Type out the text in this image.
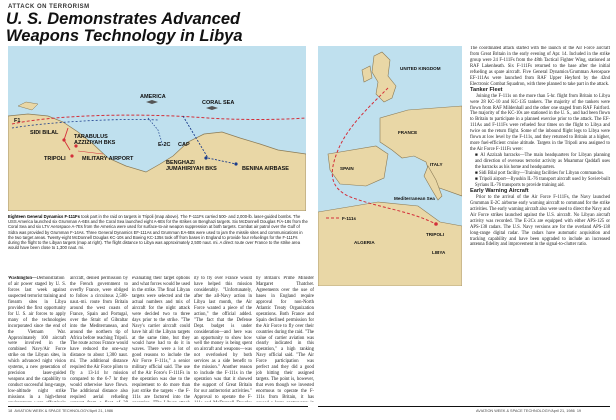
ATTACK ON TERRORISM
U. S. Demonstrates Advanced Weapons Technology in Libya
F1
AMERICA
CORAL SEA
SIDI BILAL
TARABULUS
AZZIZIYAH BKS	E-2C CAP
TRIPOLI	MILITARY AIRPORT
BENGHAZI
JUMAHIRIYAH BKS	BENINA AIRBASE
Eighteen General Dynamics F-111Fs took part in the raid on targets in Tripoli (map above). The F-111Fs carried 500- and 2,000-lb. laser-guided bombs. The USS America launched six Grumman A-6Es and the Coral Sea launched eight A-6Es for the strikes on Benghazi targets. Six McDonnell Douglas F/A-18s from the Coral Sea and six LTV Aerospace A-7Es from the America were used for surface-to-air weapon suppression at both targets. Combat air patrol over the Gulf of Sidra was provided by Grumman F-14As. Three General Dynamics EF-111As and Grumman EA-6Bs were used to jam the missile sites and communications in the two target areas. Twenty-eight McDonnell Douglas KC-10s and Boeing KC-135s took off from bases in England to provide four refuelings for the F-111Fs during the flight to the Libyan targets (map at right). The flight distance to Libya was approximately 2,500 naut. mi. A direct route over France to the strike area would have been close to 1,300 naut. mi.
UNITED KINGDOM
FRANCE
SPAIN
ITALY
Mediterranean Sea
ALGERIA
TRIPOLI
LIBYA
F-111s

Washington—Demonstration of air power staged by U. S. forces last week against suspected terrorist training and firearm sites in Libya provided the first opportunity for U. S. air forces to apply many of the technologies incorporated since the end of the Vietnam War. Approximately 100 aircraft were involved in the combined Navy/Air Force strike on the Libyan sites, in which advanced night vision systems, a new generation of precision laser-guided weapons and the capability to conduct successful long-range, low-altitude night strike missions in a high-threat

aircraft, denied permission by the French government to overfly France, were obliged to follow a circuitous 2,500-naut.-mi. route from Britain around the west coasts of France, Spain and Portugal, over the Strait of Gibraltar into the Mediterranean, and around the northern tip of Africa before reaching Tripoli. The route across France would have reduced the one-way distance to about 1,300 naut. mi. The additional distance required the Air Force pilots to fly a 13-14 hr mission compared to the 6-7 hr they would otherwise have flown. The additional distance also required aerial refueling

evaluating their target options and what forces would be used in the strike. The final Libyan targets were selected and the actual numbers and mix of aircraft for the night attack were decided two to three days prior to the strike. "The Navy's carrier aircraft could have hit all the Libyan targets at the same time, but they would have had to do it in waves. There were a lot of good reasons to include the Air Force F-111s," a senior military official said. The use of the Air Force's F-111Fs in the operation was due to the requirement to do more than just strike the targets - the F-111s are factored into the

ity to fly over France would have helped this mission considerably. "Unfortunately, after the all-Navy action in Libya last month, the Air Force wanted a piece of the action," the official added. "The fact that the Defense Dept. budget is under consideration—and here was an opportunity to show how well the money is being spent on aircraft and weapons—was not overlooked by both services as a side benefit to the mission." Another reason to include the F-111s in the operation was that it showed the support of Great Britain for our antiterrorist activities." Approval to operate the F-

by Britain's Prime Minister Margaret Thatcher. Agreements over the use of bases in England require approval for non-North Atlantic Treaty Organization operations. Both France and Spain declined permission for the Air Force to fly over their countries during the raid. "The value of carrier aviation was clearly indicated in this operation," a high ranking Navy official said. "The Air Force participation was perfect and they did a good job hitting their assigned targets. The point is, however, that even though we invested enormous to operate the F-111s from Britain, it has

The coordinated attack started with the launch of the Air Force aircraft from Great Britain in the early evening of Apr. 14. Included in the strike group were 24 F-111Fs from the 48th Tactical Fighter Wing, stationed at RAF Lakenheath. Six F-111Fs returned to the base after the initial refueling as spare aircraft. Five General Dynamics/Grumman Aerospace EF-111As were launched from RAF Upper Heyford by the 42nd Electronic Combat Squadron, with three planned to take part in the attack.

Tanker Fleet

Joining the F-111s on the more than 5-hr. flight from Britain to Libya were 28 KC-10 and KC-135 tankers. The majority of the tankers were flown from RAF Mildenhall and the other one staged from RAF Fairford. The majority of the KC-10s are stationed in the U. S., and had been flown to Britain to participate in a planned exercise prior to the attack. The EF-111As and F-111Fs were refueled four times on the flight to Libya and twice on the return flight. Some of the inbound flight legs to Libya were flown at low level by the F-111s, and they returned to Britain at a higher, more fuel-efficient cruise altitude. Targets in the Tripoli area assigned to the Air Force F-111Fs were:

■ Al Azzizah barracks—The main headquarters for Libyan planning and direction of overseas terrorist activity as Muammar Qaddafi uses the barracks as his home and headquarters.

■ Sidi Bilal port facility—Training facilities for Libyan commandos.

■ Tripoli airport—Ilyushin IL-76 transport aircraft used by Soviet-built Syrians IL-76 transports to provide training aid.

Early Warning Aircraft

Prior to the arrival of the Air Force F-111Fs, the Navy launched Grumman E-2C airborne early warning aircraft to command for the strike activities. The early warning aircraft also were used to direct the Navy and Air Force strikes launched against the U.S. aircraft. No Libyan aircraft activity was recorded. The E-2Cs are equipped with either APS-125 or APS-138 radars. The U.S. Navy versions are for the overland APS-138 long-range digital radar. The radars have automatic acquisition and tracking capability and have been upgraded to include an increased antenna fidelity and improvement in the signal-to-clutter ratio.

18 AVIATION WEEK & SPACE TECHNOLOGY/April 21, 1986	AVIATION WEEK & SPACE TECHNOLOGY/April 21, 1986 19
